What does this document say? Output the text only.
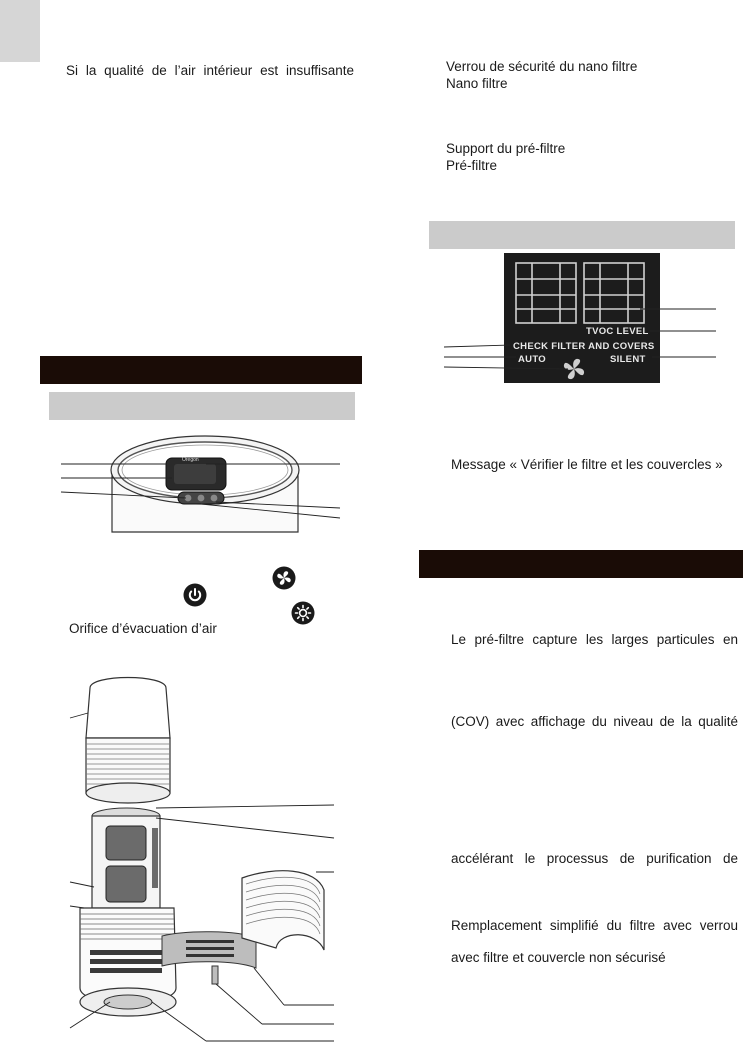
Si la qualité de l’air intérieur est insuffisante
Oregon
Orifice d’évacuation d’air
Verrou de sécurité du nano filtre
Nano filtre
Support du pré-filtre
Pré-filtre
TVOC LEVEL
CHECK FILTER AND COVERS
AUTO	SILENT
Message « Vérifier le filtre et les couvercles »
Le pré-filtre capture les larges particules en
(COV) avec affichage du niveau de la qualité
accélérant le processus de purification de
Remplacement simplifié du filtre avec verrou
avec filtre et couvercle non sécurisé
